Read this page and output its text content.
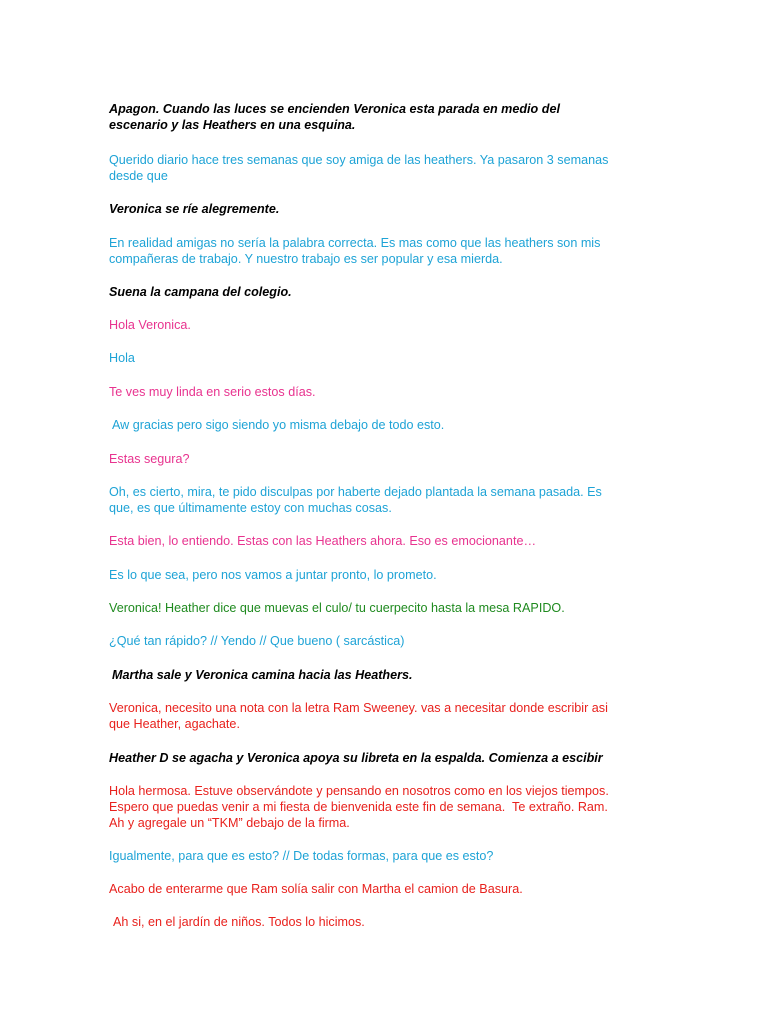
Apagon. Cuando las luces se encienden Veronica esta parada en medio del
escenario y las Heathers en una esquina.

Querido diario hace tres semanas que soy amiga de las heathers. Ya pasaron 3 semanas
desde que

Veronica se ríe alegremente.

En realidad amigas no sería la palabra correcta. Es mas como que las heathers son mis
compañeras de trabajo. Y nuestro trabajo es ser popular y esa mierda.

Suena la campana del colegio.

Hola Veronica.

Hola

Te ves muy linda en serio estos días.

Aw gracias pero sigo siendo yo misma debajo de todo esto.

Estas segura?

Oh, es cierto, mira, te pido disculpas por haberte dejado plantada la semana pasada. Es
que, es que últimamente estoy con muchas cosas.

Esta bien, lo entiendo. Estas con las Heathers ahora. Eso es emocionante…

Es lo que sea, pero nos vamos a juntar pronto, lo prometo.

Veronica! Heather dice que muevas el culo/ tu cuerpecito hasta la mesa RAPIDO.

¿Qué tan rápido? // Yendo // Que bueno ( sarcástica)

Martha sale y Veronica camina hacia las Heathers.

Veronica, necesito una nota con la letra Ram Sweeney. vas a necesitar donde escribir asi
que Heather, agachate.

Heather D se agacha y Veronica apoya su libreta en la espalda. Comienza a escibir

Hola hermosa. Estuve observándote y pensando en nosotros como en los viejos tiempos.
Espero que puedas venir a mi fiesta de bienvenida este fin de semana.  Te extraño. Ram.
Ah y agregale un “TKM” debajo de la firma.

Igualmente, para que es esto? // De todas formas, para que es esto?

Acabo de enterarme que Ram solía salir con Martha el camion de Basura.

Ah si, en el jardín de niños. Todos lo hicimos.
